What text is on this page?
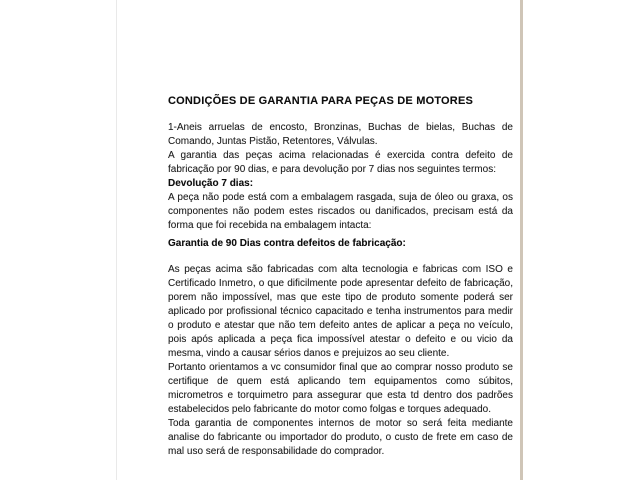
CONDIÇÕES DE GARANTIA PARA PEÇAS DE MOTORES

1-Aneis arruelas de encosto, Bronzinas, Buchas de bielas, Buchas de Comando, Juntas Pistão, Retentores, Válvulas.

A garantia das peças acima relacionadas é exercida contra defeito de fabricação por 90 dias, e para devolução por 7 dias nos seguintes termos:

Devolução 7 dias:

A peça não pode está com a embalagem rasgada, suja de óleo ou graxa, os componentes não podem estes riscados ou danificados, precisam está da forma que foi recebida na embalagem intacta:

Garantia de 90 Dias contra defeitos de fabricação:

As peças acima são fabricadas com alta tecnologia e fabricas com ISO e Certificado Inmetro, o que dificilmente pode apresentar defeito de fabricação, porem não impossível, mas que este tipo de produto somente poderá ser aplicado por profissional técnico capacitado e tenha instrumentos para medir o produto e atestar que não tem defeito antes de aplicar a peça no veículo, pois após aplicada a peça fica impossível atestar o defeito e ou vicio da mesma, vindo a causar sérios danos e prejuizos ao seu cliente.

Portanto orientamos a vc consumidor final que ao comprar nosso produto se certifique de quem está aplicando tem equipamentos como súbitos, micrometros e torquimetro para assegurar que esta td dentro dos padrões estabelecidos pelo fabricante do motor como folgas e torques adequado.

Toda garantia de componentes internos de motor so será feita mediante analise do fabricante ou importador do produto, o custo de frete em caso de mal uso será de responsabilidade do comprador.
